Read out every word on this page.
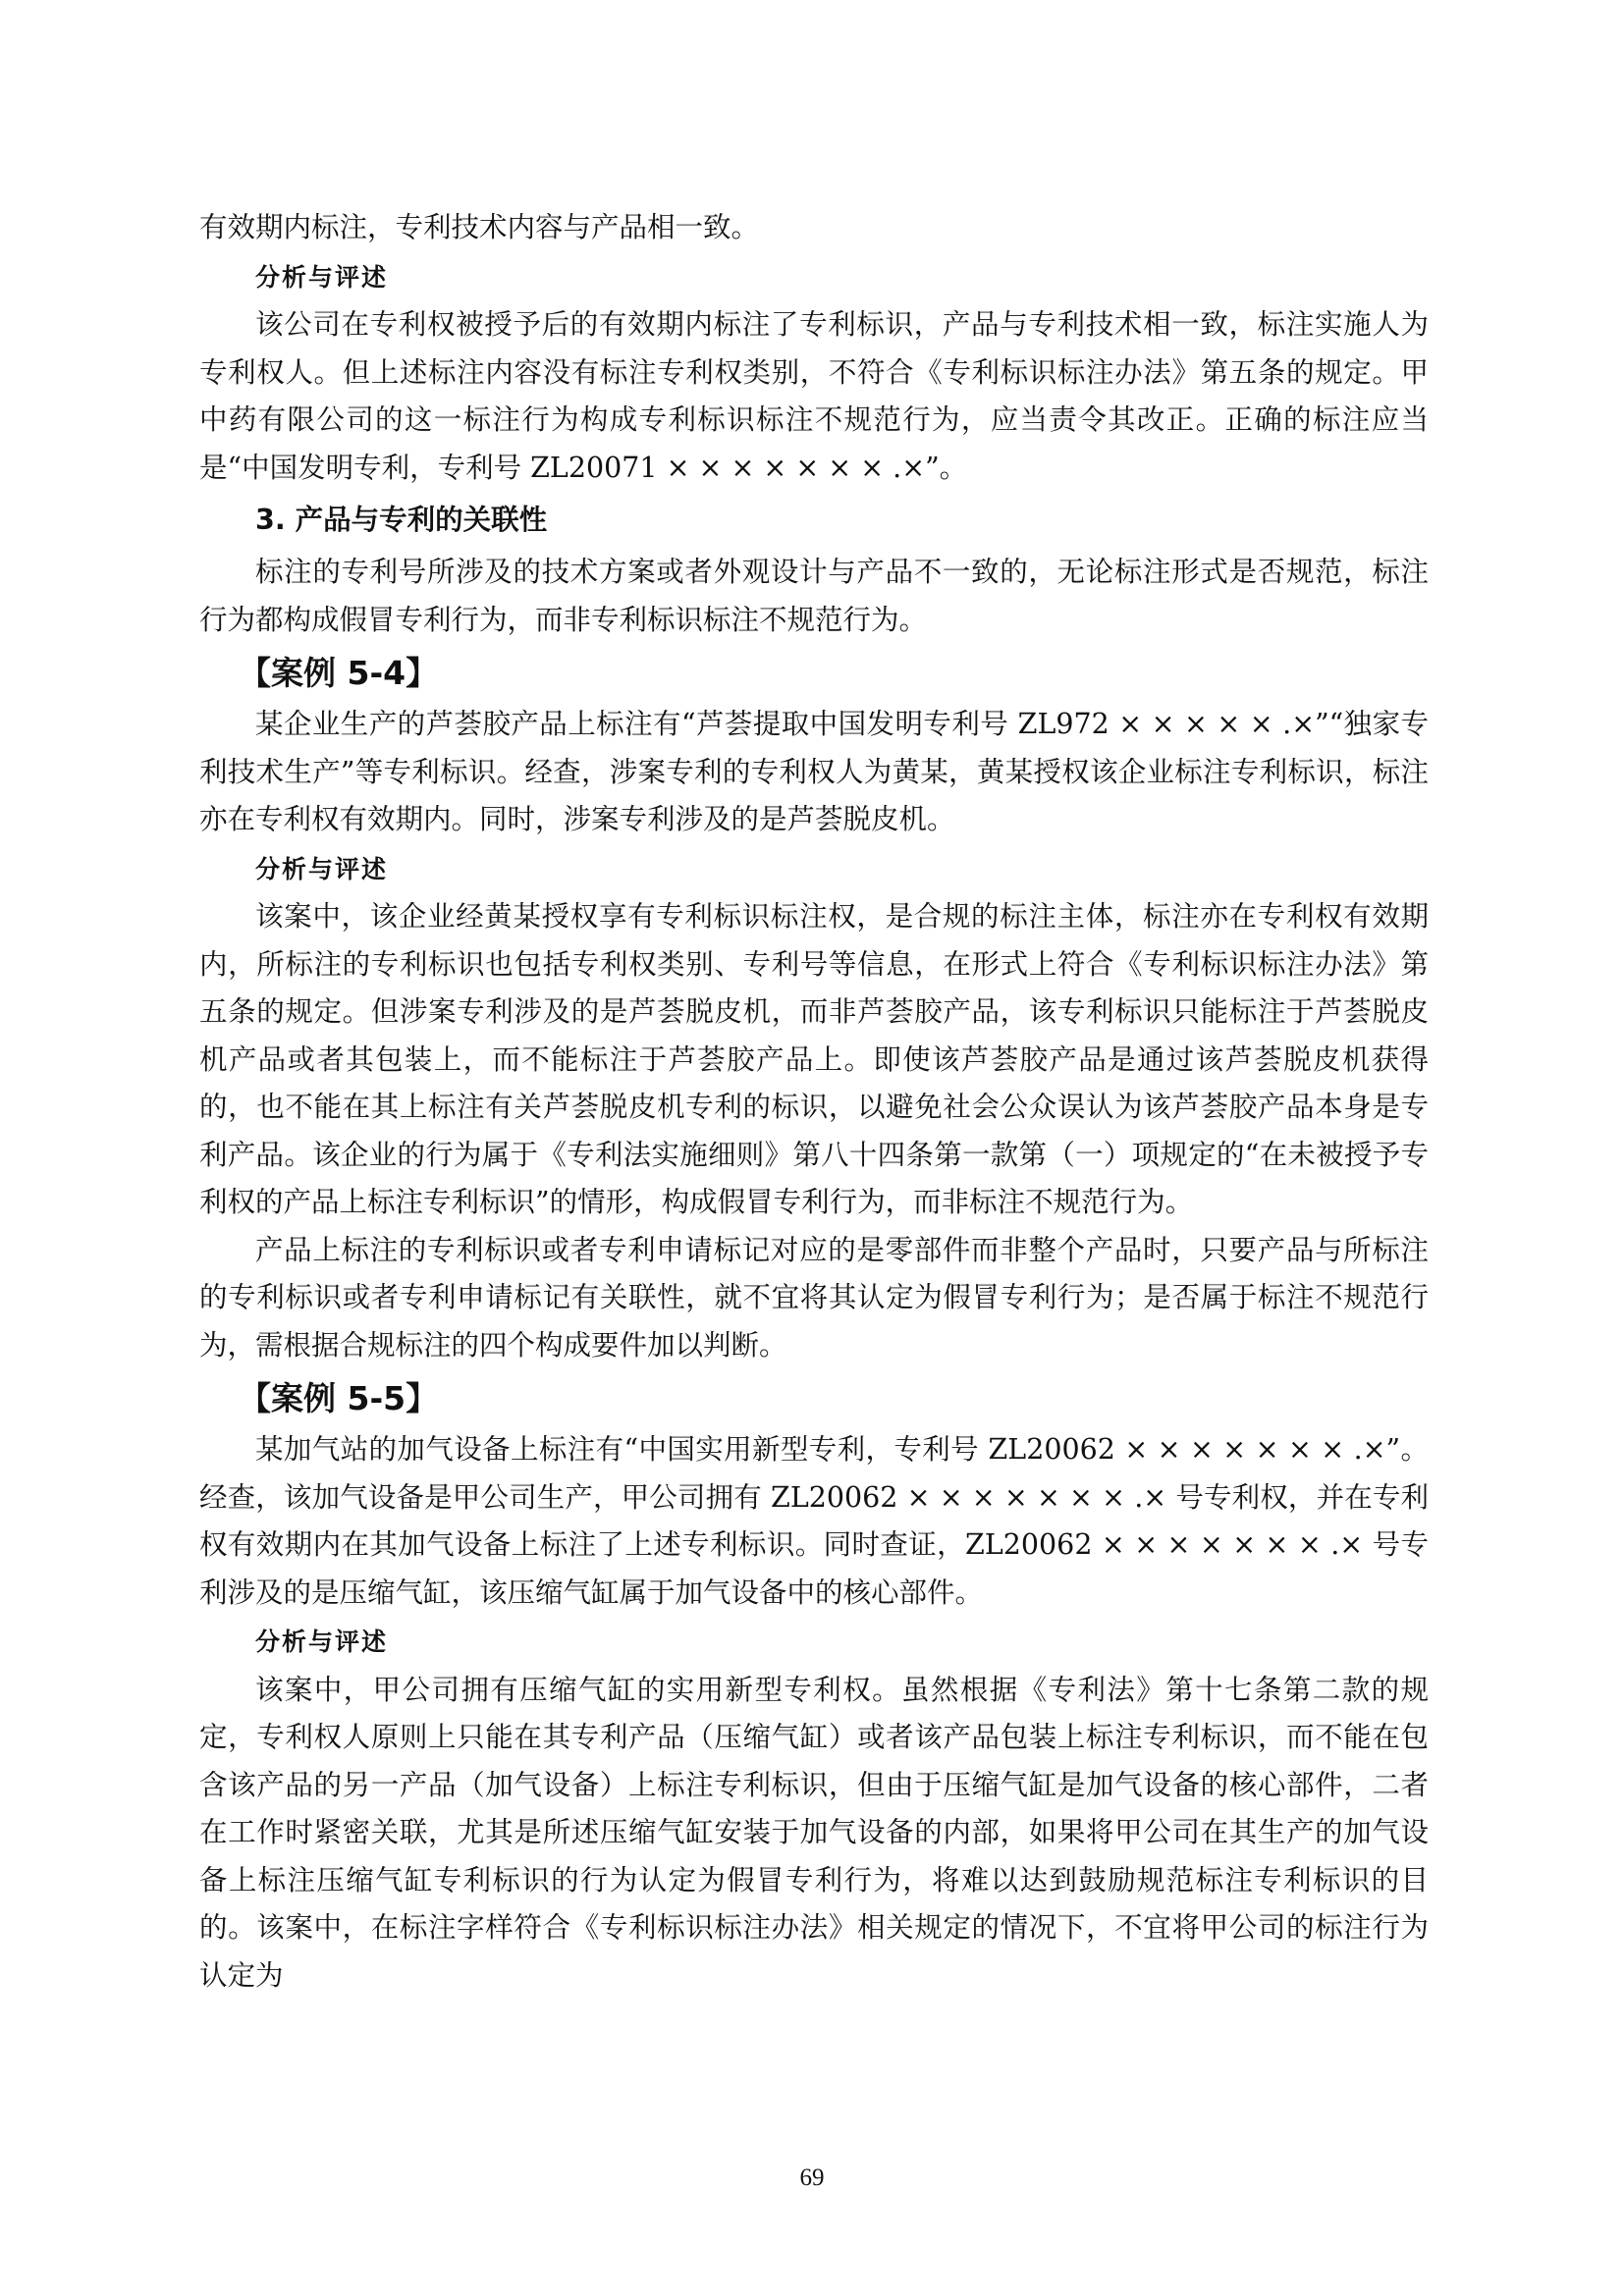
有效期内标注，专利技术内容与产品相一致。

分析与评述

该公司在专利权被授予后的有效期内标注了专利标识，产品与专利技术相一致，标注实施人为专利权人。但上述标注内容没有标注专利权类别，不符合《专利标识标注办法》第五条的规定。甲中药有限公司的这一标注行为构成专利标识标注不规范行为，应当责令其改正。正确的标注应当是“中国发明专利，专利号 ZL20071 × × × × × × × .×”。

3. 产品与专利的关联性

标注的专利号所涉及的技术方案或者外观设计与产品不一致的，无论标注形式是否规范，标注行为都构成假冒专利行为，而非专利标识标注不规范行为。

【案例 5-4】

某企业生产的芦荟胶产品上标注有“芦荟提取中国发明专利号 ZL972 × × × × × .×”“独家专利技术生产”等专利标识。经查，涉案专利的专利权人为黄某，黄某授权该企业标注专利标识，标注亦在专利权有效期内。同时，涉案专利涉及的是芦荟脱皮机。

分析与评述

该案中，该企业经黄某授权享有专利标识标注权，是合规的标注主体，标注亦在专利权有效期内，所标注的专利标识也包括专利权类别、专利号等信息，在形式上符合《专利标识标注办法》第五条的规定。但涉案专利涉及的是芦荟脱皮机，而非芦荟胶产品，该专利标识只能标注于芦荟脱皮机产品或者其包装上，而不能标注于芦荟胶产品上。即使该芦荟胶产品是通过该芦荟脱皮机获得的，也不能在其上标注有关芦荟脱皮机专利的标识，以避免社会公众误认为该芦荟胶产品本身是专利产品。该企业的行为属于《专利法实施细则》第八十四条第一款第（一）项规定的“在未被授予专利权的产品上标注专利标识”的情形，构成假冒专利行为，而非标注不规范行为。

产品上标注的专利标识或者专利申请标记对应的是零部件而非整个产品时，只要产品与所标注的专利标识或者专利申请标记有关联性，就不宜将其认定为假冒专利行为；是否属于标注不规范行为，需根据合规标注的四个构成要件加以判断。

【案例 5-5】

某加气站的加气设备上标注有“中国实用新型专利，专利号 ZL20062 × × × × × × × .×”。经查，该加气设备是甲公司生产，甲公司拥有 ZL20062 × × × × × × × .× 号专利权，并在专利权有效期内在其加气设备上标注了上述专利标识。同时查证，ZL20062 × × × × × × × .× 号专利涉及的是压缩气缸，该压缩气缸属于加气设备中的核心部件。

分析与评述

该案中，甲公司拥有压缩气缸的实用新型专利权。虽然根据《专利法》第十七条第二款的规定，专利权人原则上只能在其专利产品（压缩气缸）或者该产品包装上标注专利标识，而不能在包含该产品的另一产品（加气设备）上标注专利标识，但由于压缩气缸是加气设备的核心部件，二者在工作时紧密关联，尤其是所述压缩气缸安装于加气设备的内部，如果将甲公司在其生产的加气设备上标注压缩气缸专利标识的行为认定为假冒专利行为，将难以达到鼓励规范标注专利标识的目的。该案中，在标注字样符合《专利标识标注办法》相关规定的情况下，不宜将甲公司的标注行为认定为

69
